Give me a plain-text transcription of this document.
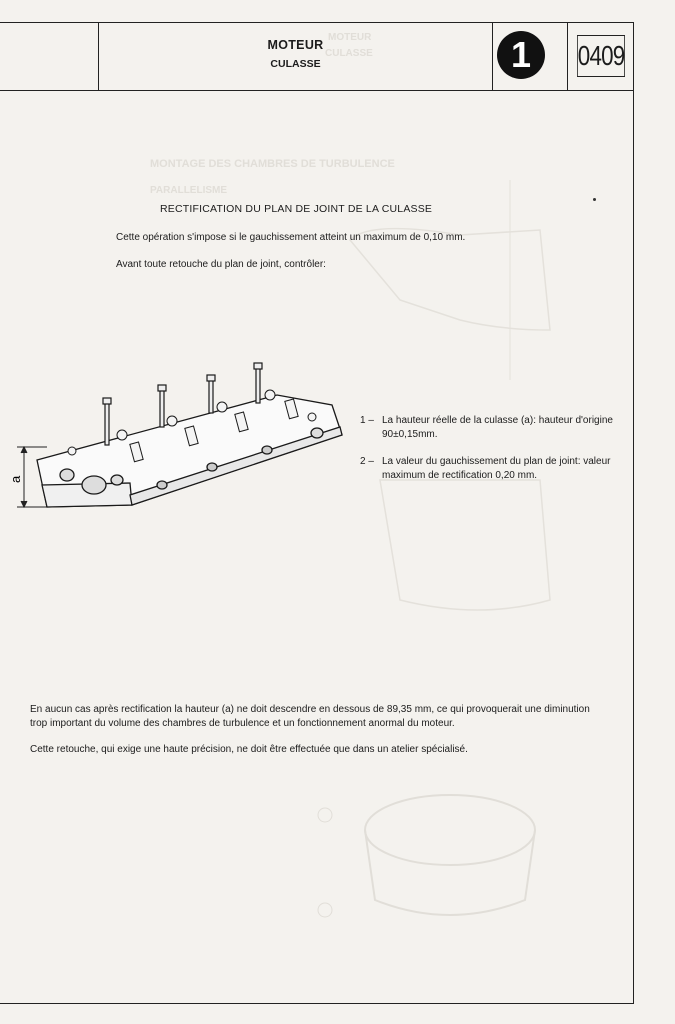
MOTEUR
CULASSE
MONTAGE DES CHAMBRES DE TURBULENCE
PARALLELISME
MOTEUR
CULASSE	1	0409
RECTIFICATION DU PLAN DE JOINT DE LA CULASSE
Cette opération s'impose si le gauchissement atteint un maximum de 0,10 mm.
Avant toute retouche du plan de joint, contrôler:
a
1 – La hauteur réelle de la culasse (a): hauteur d'origine 90±0,15mm.
2 – La valeur du gauchissement du plan de joint: valeur maximum de rectification 0,20 mm.
En aucun cas après rectification la hauteur (a) ne doit descendre en dessous de 89,35 mm, ce qui provoquerait une diminution trop important du volume des chambres de turbulence et un fonctionnement anormal du moteur.
Cette retouche, qui exige une haute précision, ne doit être effectuée que dans un atelier spécialisé.
